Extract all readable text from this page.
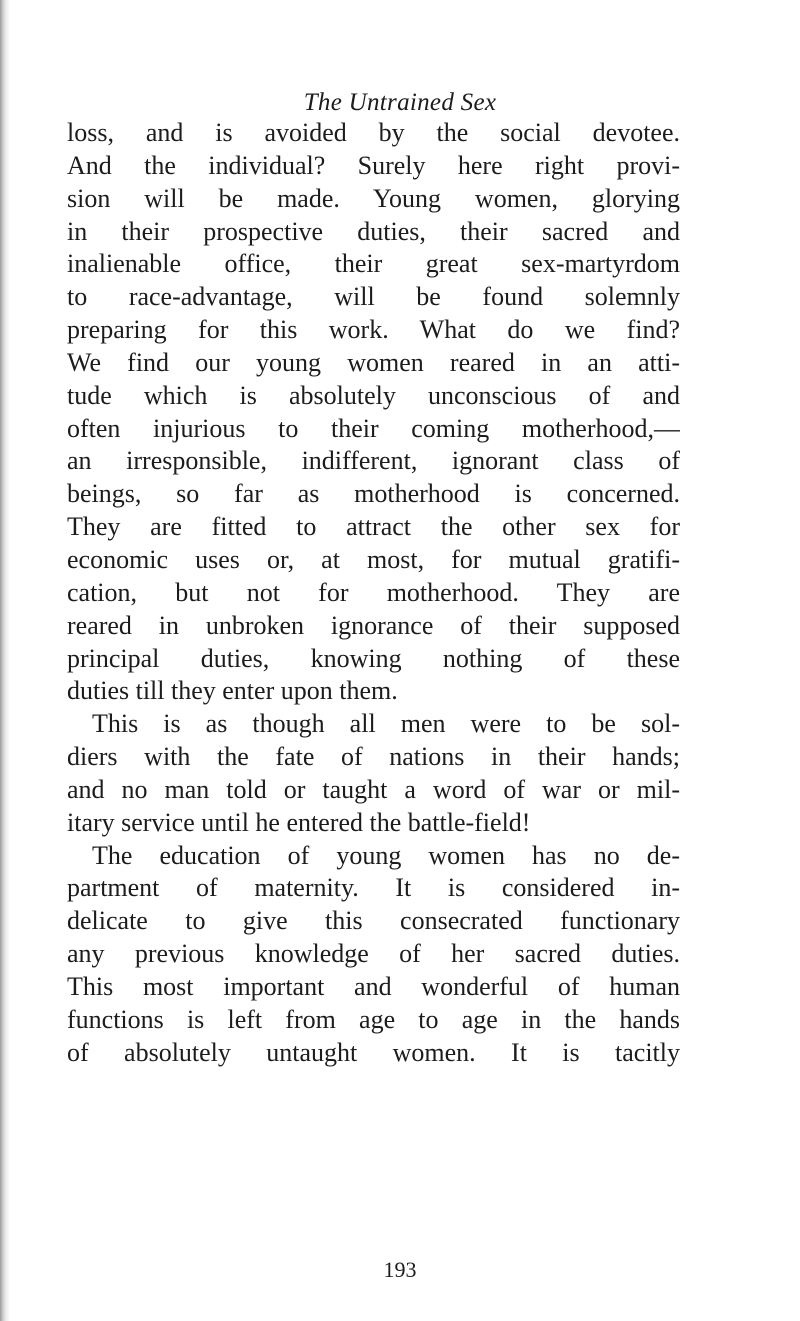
The Untrained Sex
loss, and is avoided by the social devotee.
And the individual? Surely here right provi-
sion will be made. Young women, glorying
in their prospective duties, their sacred and
inalienable office, their great sex-martyrdom
to race-advantage, will be found solemnly
preparing for this work. What do we find?
We find our young women reared in an atti-
tude which is absolutely unconscious of and
often injurious to their coming motherhood,—
an irresponsible, indifferent, ignorant class of
beings, so far as motherhood is concerned.
They are fitted to attract the other sex for
economic uses or, at most, for mutual gratifi-
cation, but not for motherhood. They are
reared in unbroken ignorance of their supposed
principal duties, knowing nothing of these
duties till they enter upon them.
This is as though all men were to be sol-
diers with the fate of nations in their hands;
and no man told or taught a word of war or mil-
itary service until he entered the battle-field!
The education of young women has no de-
partment of maternity. It is considered in-
delicate to give this consecrated functionary
any previous knowledge of her sacred duties.
This most important and wonderful of human
functions is left from age to age in the hands
of absolutely untaught women. It is tacitly
193
